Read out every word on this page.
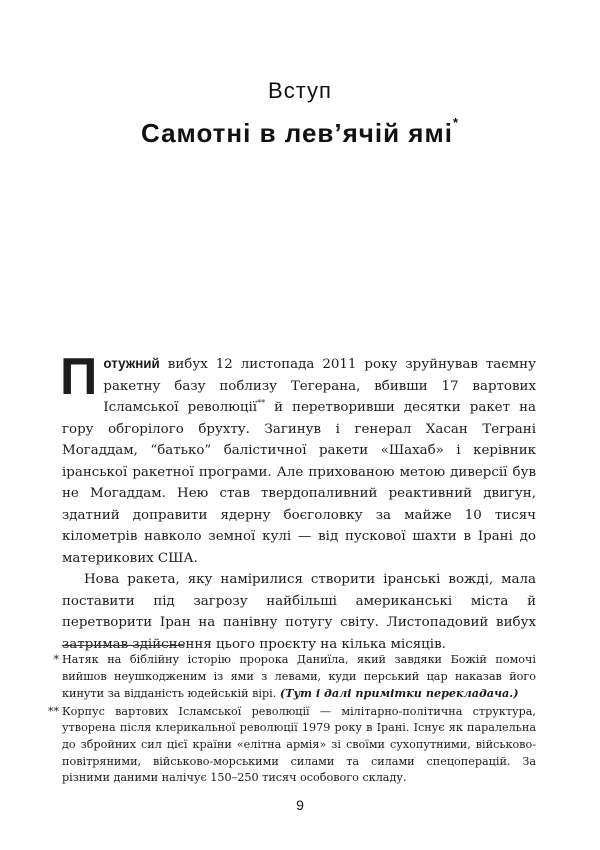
Вступ
Самотні в лев’ячій ямі*

Потужний вибух 12 листопада 2011 року зруйнував таємну ракетну базу поблизу Тегерана, вбивши 17 вартових Ісламської революції** й перетворивши десятки ракет на гору обгорілого брухту. Загинув і генерал Хасан Теграні Могаддам, “батько” балістичної ракети «Шахаб» і керівник іранської ракетної програми. Але прихованою метою диверсії був не Могаддам. Нею став твердопаливний реактивний двигун, здатний доправити ядерну боєголовку за майже 10 тисяч кілометрів навколо земної кулі — від пускової шахти в Ірані до материкових США.

Нова ракета, яку намірилися створити іранські вожді, мала поставити під загрозу найбільші американські міста й перетворити Іран на панівну потугу світу. Листопадовий вибух затримав здійснення цього проєкту на кілька місяців.

* Натяк на біблійну історію пророка Даниїла, який завдяки Божій помочі вийшов неушкодженим із ями з левами, куди перський цар наказав його кинути за відданість юдейській вірі. (Тут і далі примітки перекладача.)
** Корпус вартових Ісламської революції — мілітарно-політична структура, утворена після клерикальної революції 1979 року в Ірані. Існує як паралельна до збройних сил цієї країни «елітна армія» зі своїми сухопутними, військово-повітряними, військово-морськими силами та силами спецоперацій. За різними даними налічує 150–250 тисяч особового складу.
9
